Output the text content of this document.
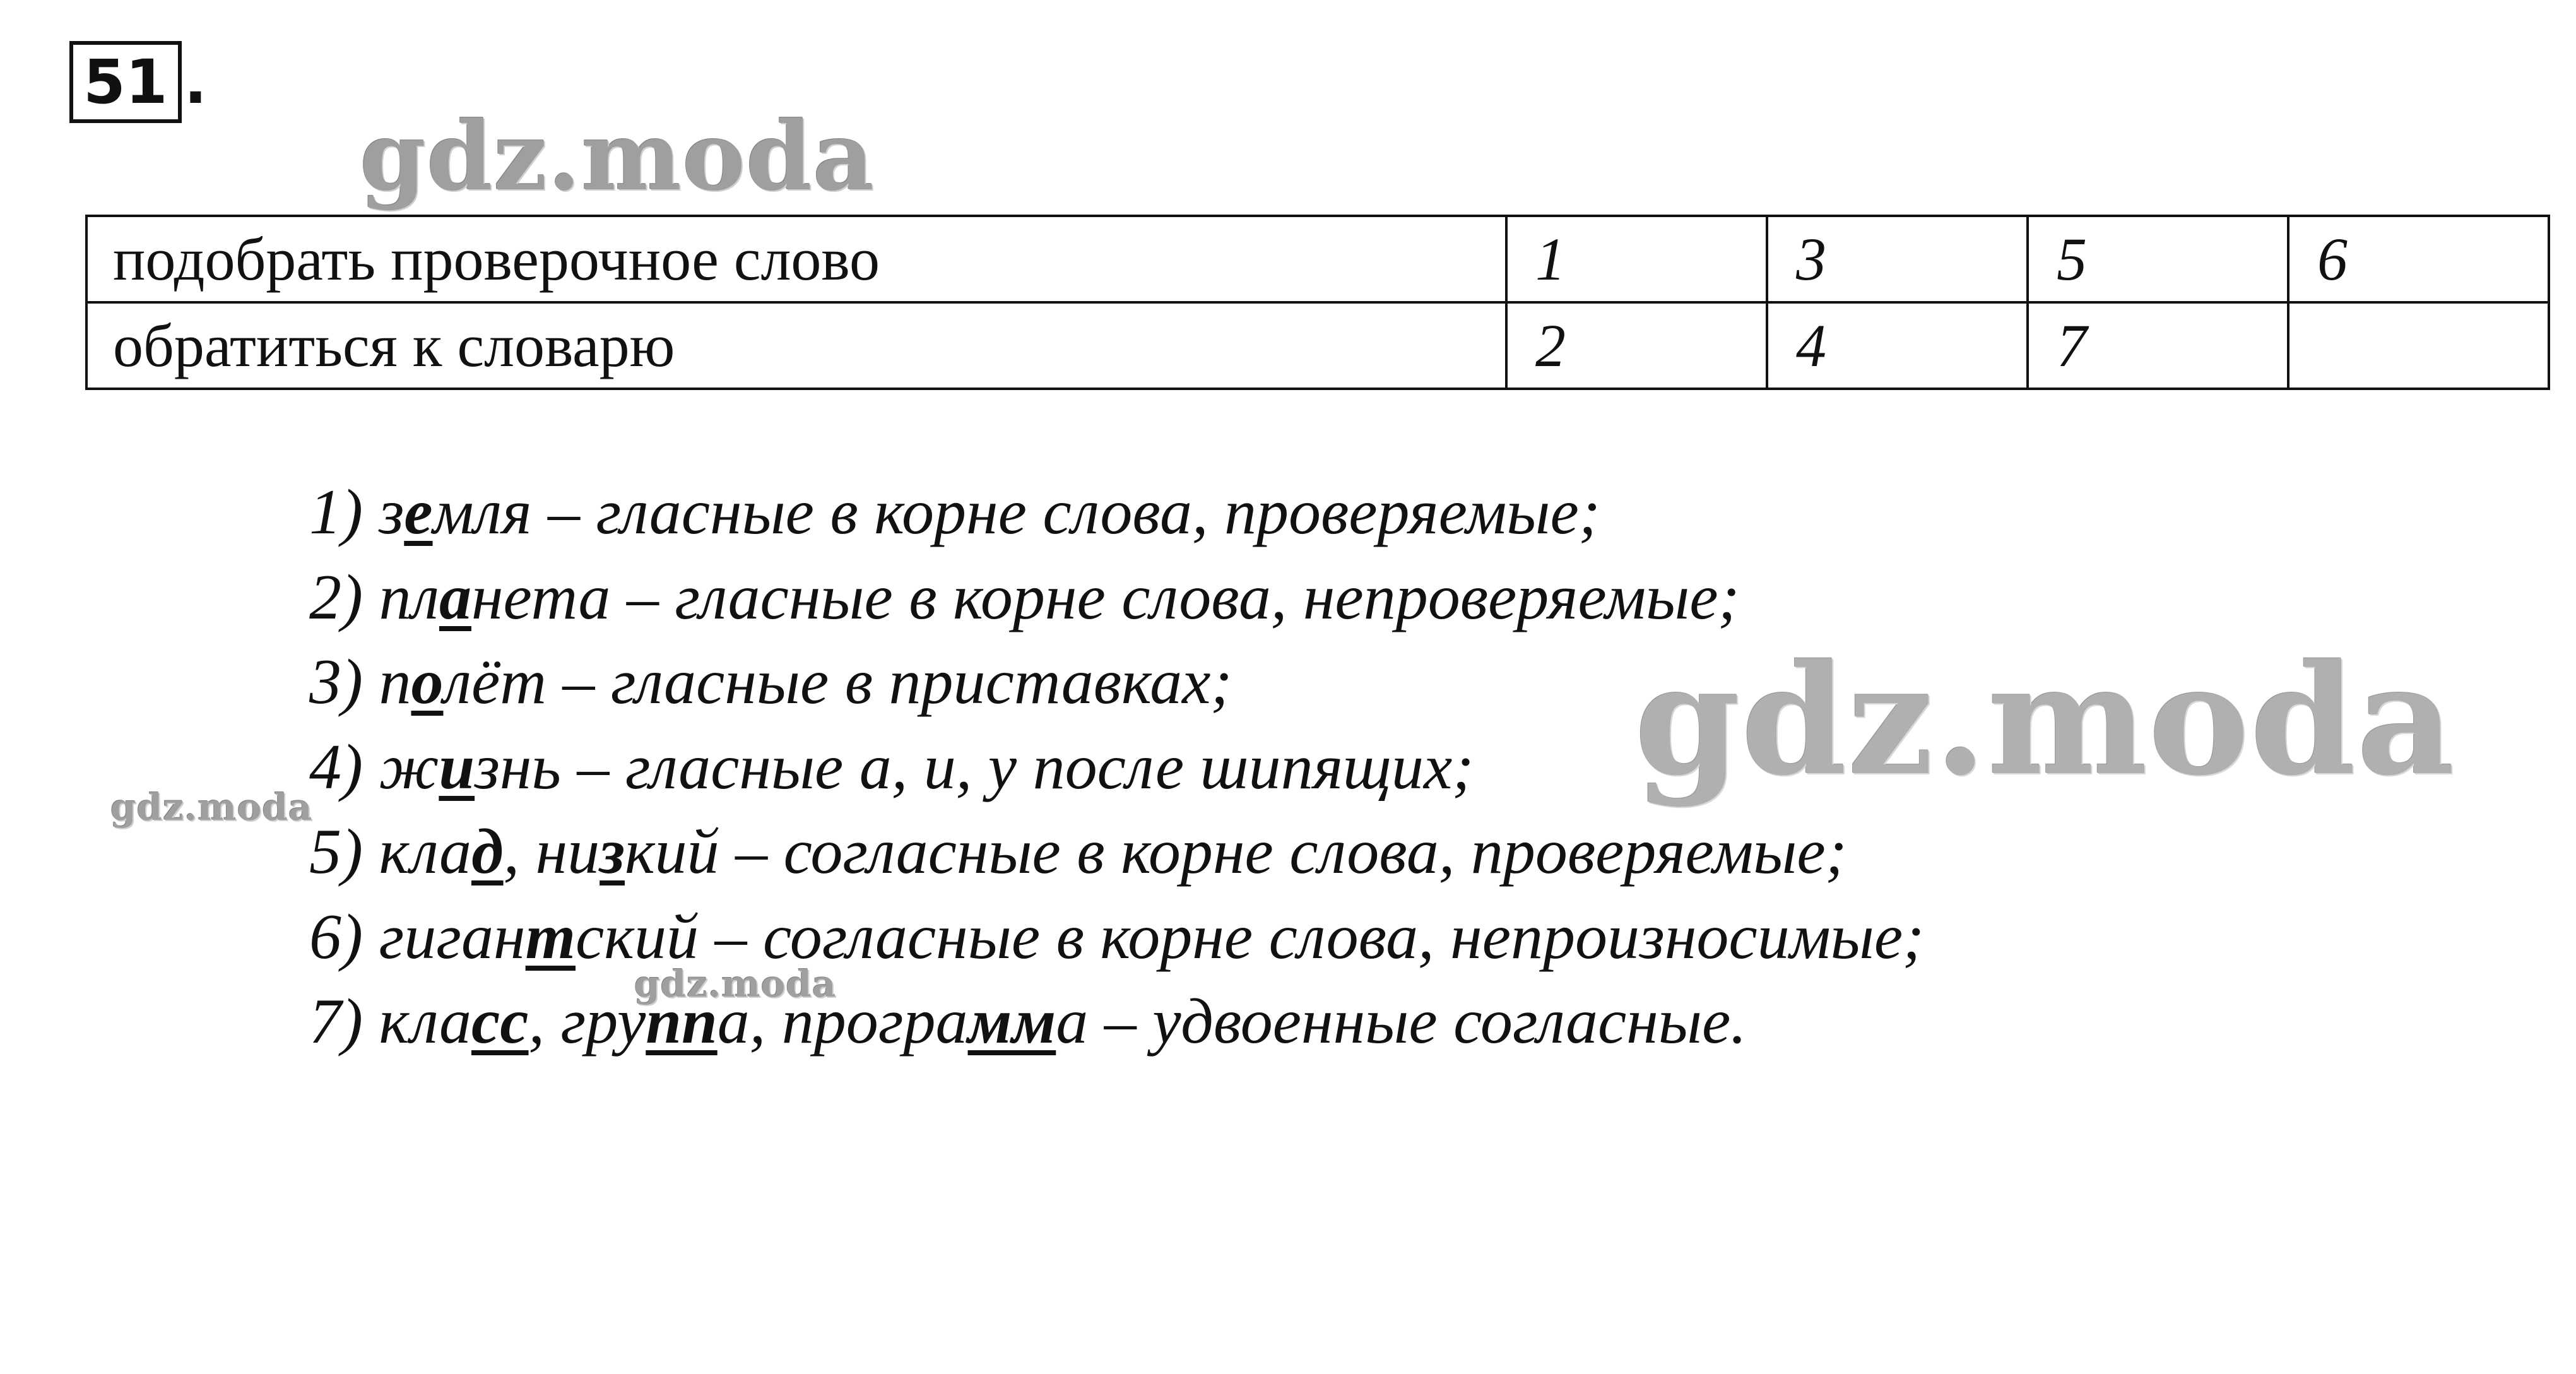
51 .
gdz.moda
подобрать проверочное слово	1	3	5	6
обратиться к словарю	2	4	7	
1) земля – гласные в корне слова, проверяемые;
2) планета – гласные в корне слова, непроверяемые;
3) полёт – гласные в приставках;
4) жизнь – гласные а, и, у после шипящих;
5) клад, низкий – согласные в корне слова, проверяемые;
6) гигантский – согласные в корне слова, непроизносимые;
7) класс, группа, программа – удвоенные согласные.
gdz.moda
gdz.moda
gdz.moda
